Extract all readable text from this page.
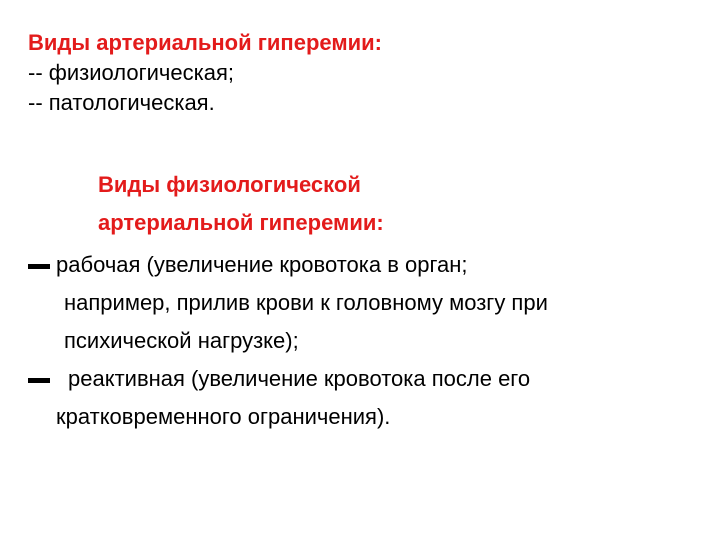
Виды артериальной гиперемии:
-- физиологическая;
-- патологическая.
Виды физиологической
артериальной гиперемии:
рабочая (увеличение кровотока в орган;
например, прилив крови к головному мозгу при
психической нагрузке);
реактивная (увеличение кровотока после его
кратковременного ограничения).
